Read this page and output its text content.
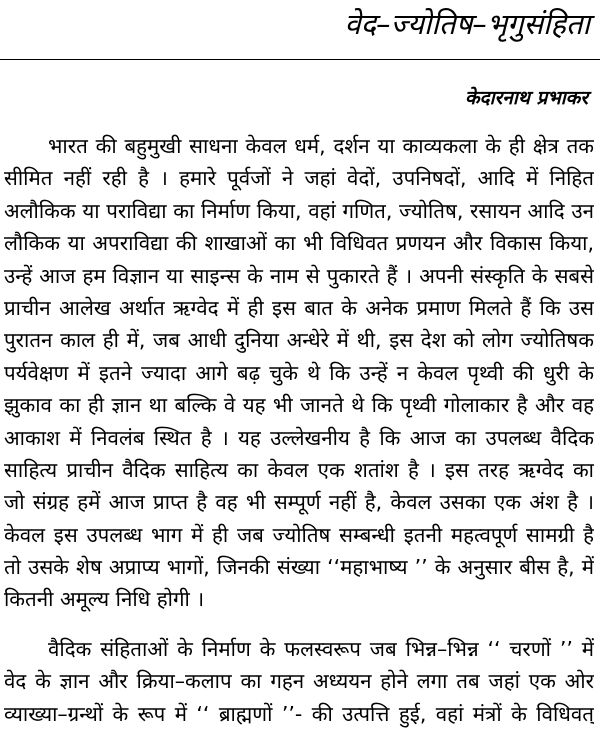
वेद–ज्योतिष–भृगुसंहिता

केदारनाथ प्रभाकर

भारत की बहुमुखी साधना केवल धर्म, दर्शन या काव्यकला के ही क्षेत्र तक
सीमित नहीं रही है । हमारे पूर्वजों ने जहां वेदों, उपनिषदों, आदि में निहित
अलौकिक या पराविद्या का निर्माण किया, वहां गणित, ज्योतिष, रसायन आदि उन
लौकिक या अपराविद्या की शाखाओं का भी विधिवत प्रणयन और विकास किया,
उन्हें आज हम विज्ञान या साइन्स के नाम से पुकारते हैं । अपनी संस्कृति के सबसे
प्राचीन आलेख अर्थात ऋग्वेद में ही इस बात के अनेक प्रमाण मिलते हैं कि उस
पुरातन काल ही में, जब आधी दुनिया अन्धेरे में थी, इस देश को लोग ज्योतिषक
पर्यवेक्षण में इतने ज्यादा आगे बढ़ चुके थे कि उन्हें न केवल पृथ्वी की धुरी के
झुकाव का ही ज्ञान था बल्कि वे यह भी जानते थे कि पृथ्वी गोलाकार है और वह
आकाश में निवलंब स्थित है । यह उल्लेखनीय है कि आज का उपलब्ध वैदिक
साहित्य प्राचीन वैदिक साहित्य का केवल एक शतांश है । इस तरह ऋग्वेद का
जो संग्रह हमें आज प्राप्त है वह भी सम्पूर्ण नहीं है, केवल उसका एक अंश है ।
केवल इस उपलब्ध भाग में ही जब ज्योतिष सम्बन्धी इतनी महत्वपूर्ण सामग्री है
तो उसके शेष अप्राप्य भागों, जिनकी संख्या ‘‘महाभाष्य ’’ के अनुसार बीस है, में
कितनी अमूल्य निधि होगी ।
वैदिक संहिताओं के निर्माण के फलस्वरूप जब भिन्न–भिन्न ‘‘ चरणों ’’ में
वेद के ज्ञान और क्रिया–कलाप का गहन अध्ययन होने लगा तब जहां एक ओर
व्याख्या–ग्रन्थों के रूप में ‘‘ ब्राह्मणों ’’- की उत्पत्ति हुई, वहां मंत्रों के विधिवत्
